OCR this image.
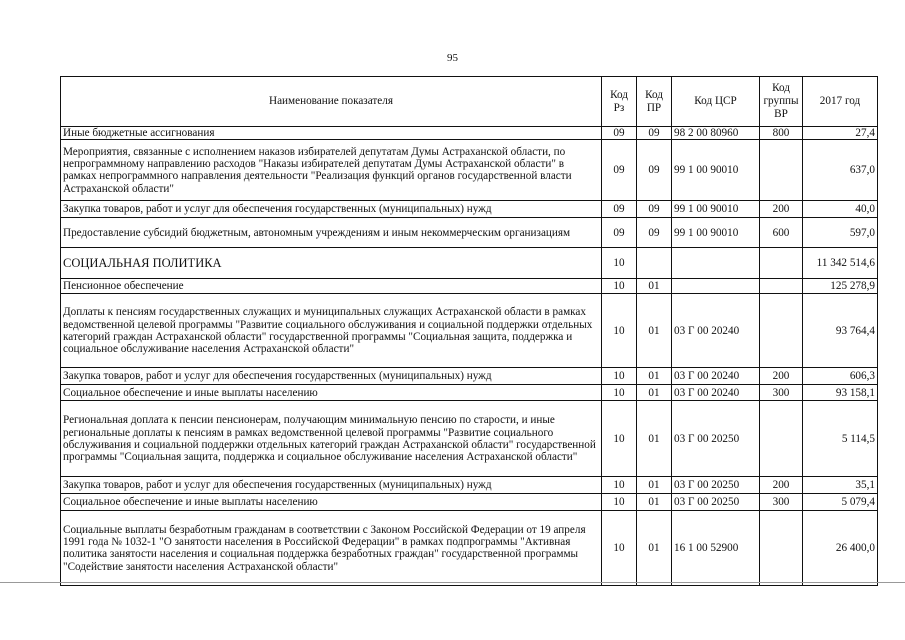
95
Наименование показателя	Код Рз	Код ПР	Код ЦСР	Код группы ВР	2017 год
Иные бюджетные ассигнования	09	09	98 2 00 80960	800	27,4
Мероприятия, связанные с исполнением наказов избирателей депутатам Думы Астраханской области, по непрограммному направлению расходов "Наказы избирателей депутатам Думы Астраханской области" в рамках непрограммного направления деятельности "Реализация функций органов государственной власти Астраханской области"	09	09	99 1 00 90010		637,0
Закупка товаров, работ и услуг для обеспечения государственных (муниципальных) нужд	09	09	99 1 00 90010	200	40,0
Предоставление субсидий бюджетным, автономным учреждениям и иным некоммерческим организациям	09	09	99 1 00 90010	600	597,0
СОЦИАЛЬНАЯ ПОЛИТИКА	10				11 342 514,6
Пенсионное обеспечение	10	01			125 278,9
Доплаты к пенсиям государственных служащих и муниципальных служащих Астраханской области в рамках ведомственной целевой программы "Развитие социального обслуживания и социальной поддержки отдельных категорий граждан Астраханской области" государственной программы "Социальная защита, поддержка и социальное обслуживание населения Астраханской области"	10	01	03 Г 00 20240		93 764,4
Закупка товаров, работ и услуг для обеспечения государственных (муниципальных) нужд	10	01	03 Г 00 20240	200	606,3
Социальное обеспечение и иные выплаты населению	10	01	03 Г 00 20240	300	93 158,1
Региональная доплата к пенсии пенсионерам, получающим минимальную пенсию по старости, и иные региональные доплаты к пенсиям в рамках ведомственной целевой программы "Развитие социального обслуживания и социальной поддержки отдельных категорий граждан Астраханской области" государственной программы "Социальная защита, поддержка и социальное обслуживание населения Астраханской области"	10	01	03 Г 00 20250		5 114,5
Закупка товаров, работ и услуг для обеспечения государственных (муниципальных) нужд	10	01	03 Г 00 20250	200	35,1
Социальное обеспечение и иные выплаты населению	10	01	03 Г 00 20250	300	5 079,4
Социальные выплаты безработным гражданам в соответствии с Законом Российской Федерации от 19 апреля 1991 года № 1032-1 "О занятости населения в Российской Федерации" в рамках подпрограммы "Активная политика занятости населения и социальная поддержка безработных граждан" государственной программы "Содействие занятости населения Астраханской области"	10	01	16 1 00 52900		26 400,0
